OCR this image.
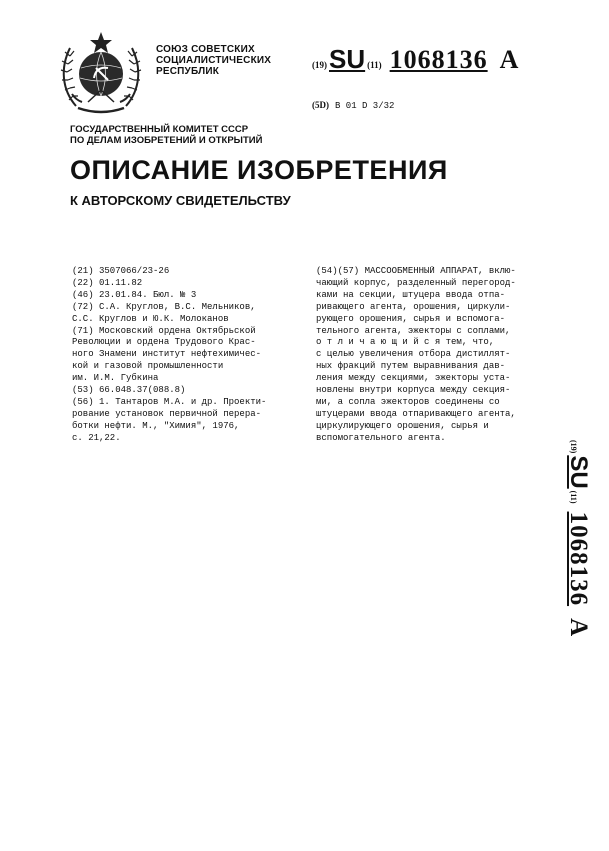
СОЮЗ СОВЕТСКИХ
СОЦИАЛИСТИЧЕСКИХ
РЕСПУБЛИК
(19) SU (11) 1068136 A
(5D) B 01 D 3/32
ГОСУДАРСТВЕННЫЙ КОМИТЕТ СССР
ПО ДЕЛАМ ИЗОБРЕТЕНИЙ И ОТКРЫТИЙ
ОПИСАНИЕ ИЗОБРЕТЕНИЯ
К АВТОРСКОМУ СВИДЕТЕЛЬСТВУ
(21) 3507066/23-26
(22) 01.11.82
(46) 23.01.84. Бюл. № 3
(72) С.А. Круглов, В.С. Мельников,
С.С. Круглов и Ю.К. Молоканов
(71) Московский ордена Октябрьской
Революции и ордена Трудового Крас-
ного Знамени институт нефтехимичес-
кой и газовой промышленности
им. И.М. Губкина
(53) 66.048.37(088.8)
(56) 1. Тантаров М.А. и др. Проекти-
рование установок первичной перера-
ботки нефти. М., "Химия", 1976,
с. 21,22.
(54)(57) МАССООБМЕННЫЙ АППАРАТ, вклю-
чающий корпус, разделенный перегород-
ками на секции, штуцера ввода отпа-
ривающего агента, орошения, циркули-
рующего орошения, сырья и вспомога-
тельного агента, эжекторы с соплами,
о т л и ч а ю щ и й с я тем, что,
с целью увеличения отбора дистиллят-
ных фракций путем выравнивания дав-
ления между секциями, эжекторы уста-
новлены внутри корпуса между секция-
ми, а сопла эжекторов соединены со
штуцерами ввода отпаривающего агента,
циркулирующего орошения, сырья и
вспомогательного агента.
(19)
SU
(11)
1068136
A
